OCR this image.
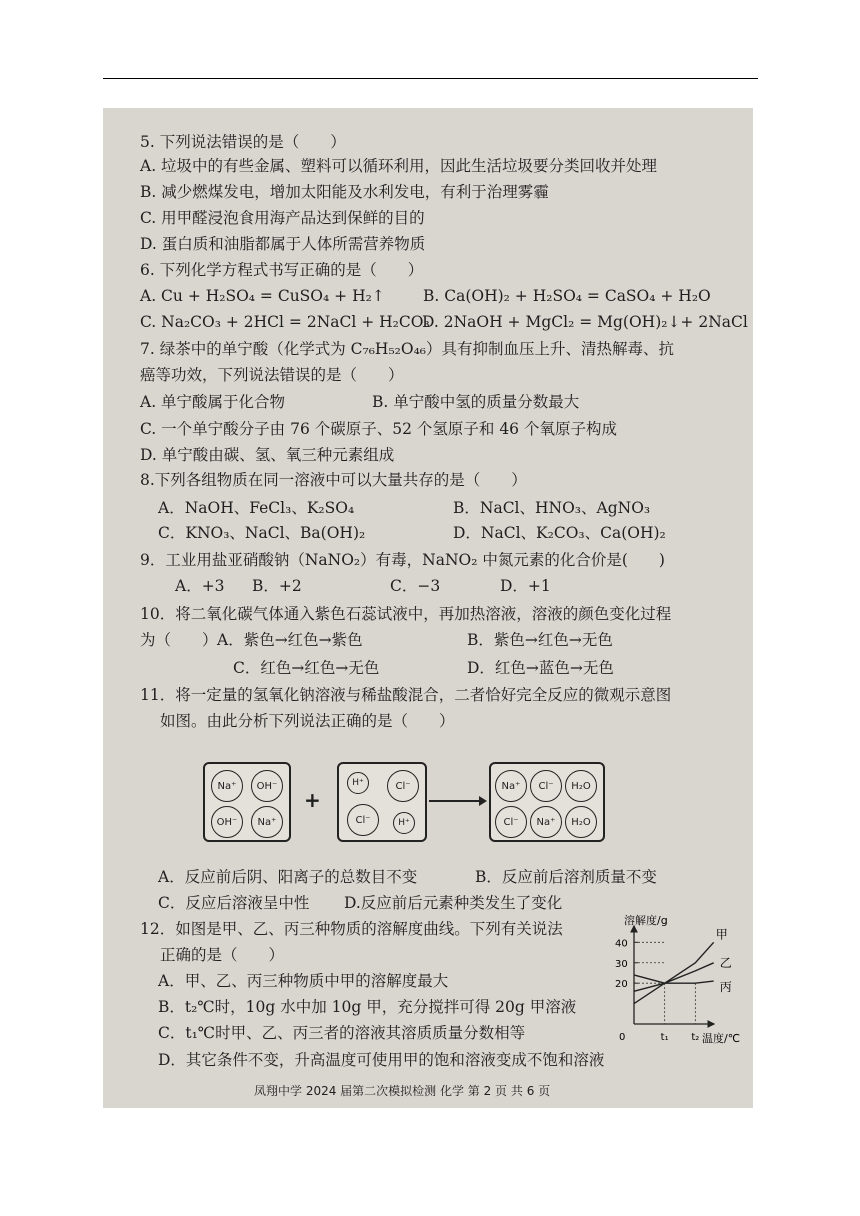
5. 下列说法错误的是（　　）
A. 垃圾中的有些金属、塑料可以循环利用，因此生活垃圾要分类回收并处理
B. 减少燃煤发电，增加太阳能及水利发电，有利于治理雾霾
C. 用甲醛浸泡食用海产品达到保鲜的目的
D. 蛋白质和油脂都属于人体所需营养物质
6. 下列化学方程式书写正确的是（　　）
A. Cu + H₂SO₄ = CuSO₄ + H₂↑ B. Ca(OH)₂ + H₂SO₄ = CaSO₄ + H₂O
C. Na₂CO₃ + 2HCl = 2NaCl + H₂CO₃
D. 2NaOH + MgCl₂ = Mg(OH)₂↓+ 2NaCl
7. 绿茶中的单宁酸（化学式为 C₇₆H₅₂O₄₆）具有抑制血压上升、清热解毒、抗
癌等功效，下列说法错误的是（　　）
A. 单宁酸属于化合物	B. 单宁酸中氢的质量分数最大
C. 一个单宁酸分子由 76 个碳原子、52 个氢原子和 46 个氧原子构成
D. 单宁酸由碳、氢、氧三种元素组成
8.下列各组物质在同一溶液中可以大量共存的是（　　）
A．NaOH、FeCl₃、K₂SO₄	B．NaCl、HNO₃、AgNO₃
C．KNO₃、NaCl、Ba(OH)₂	D．NaCl、K₂CO₃、Ca(OH)₂
9．工业用盐亚硝酸钠（NaNO₂）有毒，NaNO₂ 中氮元素的化合价是(　　)
A．+3 B．+2	C．−3	D．+1
10．将二氧化碳气体通入紫色石蕊试液中，再加热溶液，溶液的颜色变化过程
为（　　） A．紫色→红色→紫色	B．紫色→红色→无色
C．红色→红色→无色	D．红色→蓝色→无色
11．将一定量的氢氧化钠溶液与稀盐酸混合，二者恰好完全反应的微观示意图
如图。由此分析下列说法正确的是（　　）
Na⁺	OH⁻
OH⁻	Na⁺
+
H⁺	Cl⁻
Cl⁻	H⁺
Na⁺	Cl⁻	H₂O
Cl⁻	Na⁺	H₂O
A．反应前后阴、阳离子的总数目不变	B．反应前后溶剂质量不变
C．反应后溶液呈中性 D.反应前后元素种类发生了变化
12．如图是甲、乙、丙三种物质的溶解度曲线。下列有关说法
正确的是（　　）
A．甲、乙、丙三种物质中甲的溶解度最大
B．t₂℃时，10g 水中加 10g 甲，充分搅拌可得 20g 甲溶液
C．t₁℃时甲、乙、丙三者的溶液其溶质质量分数相等
D．其它条件不变，升高温度可使用甲的饱和溶液变成不饱和溶液
溶解度/g
温度/℃
0
20
30
40
t₁ t₂
甲
乙
丙
凤翔中学 2024 届第二次模拟检测 化学 第 2 页 共 6 页
